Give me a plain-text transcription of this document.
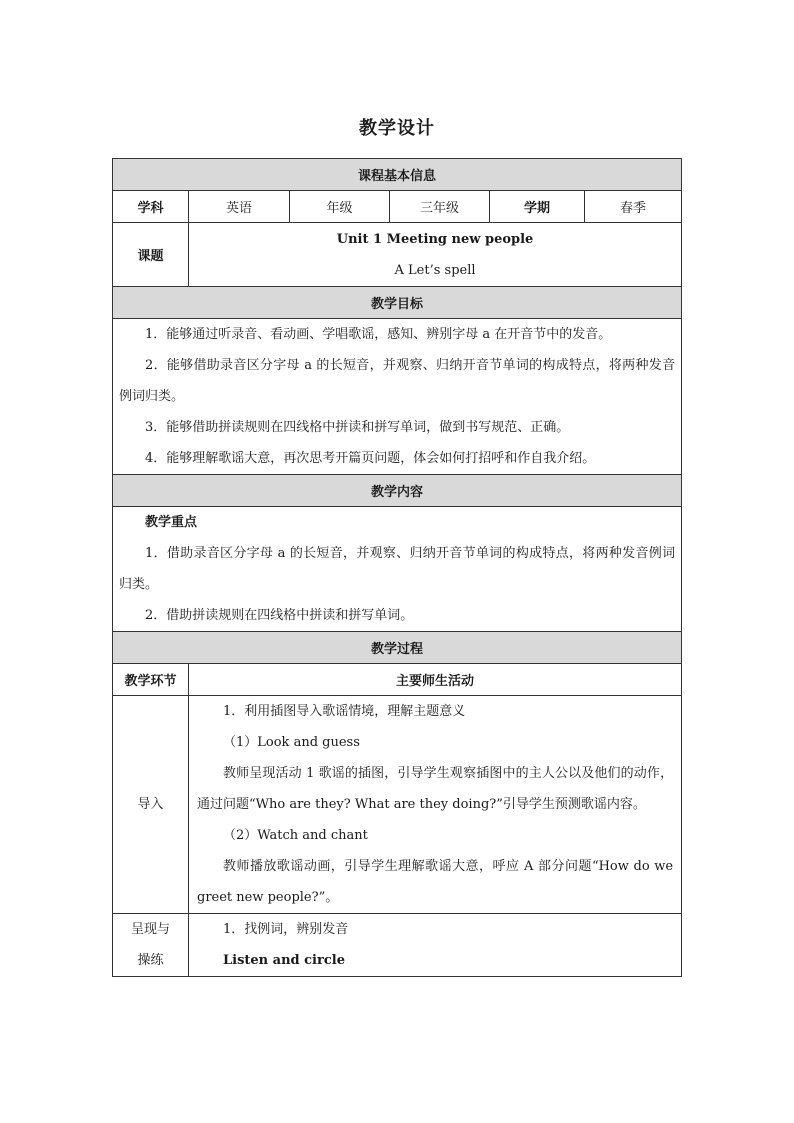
教学设计
课程基本信息					
学科	英语	年级	三年级	学期	春季
课题	Unit 1 Meeting new people
A Let’s spell				

教学目标					

1．能够通过听录音、看动画、学唱歌谣，感知、辨别字母 a 在开音节中的发音。

2．能够借助录音区分字母 a 的长短音，并观察、归纳开音节单词的构成特点，将两种发音例词归类。

3．能够借助拼读规则在四线格中拼读和拼写单词，做到书写规范、正确。

4．能够理解歌谣大意，再次思考开篇页问题，体会如何打招呼和作自我介绍。					

教学内容					

教学重点

1．借助录音区分字母 a 的长短音，并观察、归纳开音节单词的构成特点，将两种发音例词归类。

2．借助拼读规则在四线格中拼读和拼写单词。					

教学过程					
教学环节	主要师生活动				
导入	1．利用插图导入歌谣情境，理解主题意义

（1）Look and guess

教师呈现活动 1 歌谣的插图，引导学生观察插图中的主人公以及他们的动作，通过问题“Who are they? What are they doing?”引导学生预测歌谣内容。

（2）Watch and chant

教师播放歌谣动画，引导学生理解歌谣大意，呼应 A 部分问题“How do we greet new people?”。				

呈现与操练	1．找例词，辨别发音

Listen and circle				
